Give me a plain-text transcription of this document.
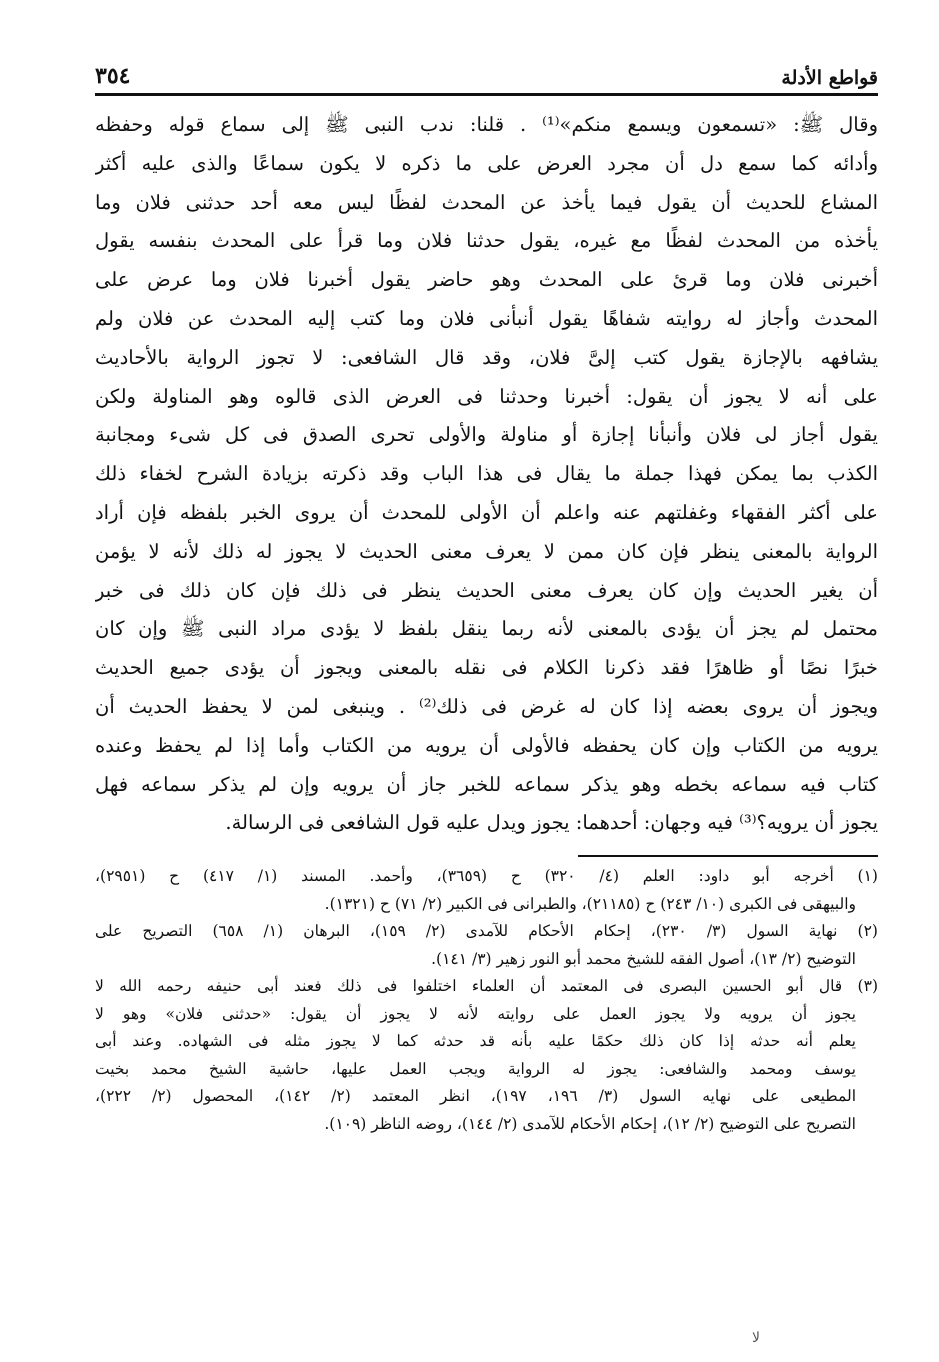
قواطع الأدلة
٣٥٤
وقال ﷺ: «تسمعون ويسمع منكم»⁽¹⁾ . قلنا: ندب النبى ﷺ إلى سماع قوله وحفظه
وأدائه كما سمع دل أن مجرد العرض على ما ذكره لا يكون سماعًا والذى عليه أكثر
المشاع للحديث أن يقول فيما يأخذ عن المحدث لفظًا ليس معه أحد حدثنى فلان وما
يأخذه من المحدث لفظًا مع غيره، يقول حدثنا فلان وما قرأ على المحدث بنفسه يقول
أخبرنى فلان وما قرئ على المحدث وهو حاضر يقول أخبرنا فلان وما عرض على
المحدث وأجاز له روايته شفاهًا يقول أنبأنى فلان وما كتب إليه المحدث عن فلان ولم
يشافهه بالإجازة يقول كتب إلىَّ فلان، وقد قال الشافعى: لا تجوز الرواية بالأحاديث
على أنه لا يجوز أن يقول: أخبرنا وحدثنا فى العرض الذى قالوه وهو المناولة ولكن
يقول أجاز لى فلان وأنبأنا إجازة أو مناولة والأولى تحرى الصدق فى كل شىء ومجانبة
الكذب بما يمكن فهذا جملة ما يقال فى هذا الباب وقد ذكرته بزيادة الشرح لخفاء ذلك
على أكثر الفقهاء وغفلتهم عنه واعلم أن الأولى للمحدث أن يروى الخبر بلفظه فإن أراد
الرواية بالمعنى ينظر فإن كان ممن لا يعرف معنى الحديث لا يجوز له ذلك لأنه لا يؤمن
أن يغير الحديث وإن كان يعرف معنى الحديث ينظر فى ذلك فإن كان ذلك فى خبر
محتمل لم يجز أن يؤدى بالمعنى لأنه ربما ينقل بلفظ لا يؤدى مراد النبى ﷺ وإن كان
خبرًا نصًا أو ظاهرًا فقد ذكرنا الكلام فى نقله بالمعنى ويجوز أن يؤدى جميع الحديث
ويجوز أن يروى بعضه إذا كان له غرض فى ذلك⁽²⁾ . وينبغى لمن لا يحفظ الحديث أن
يرويه من الكتاب وإن كان يحفظه فالأولى أن يرويه من الكتاب وأما إذا لم يحفظ وعنده
كتاب فيه سماعه بخطه وهو يذكر سماعه للخبر جاز أن يرويه وإن لم يذكر سماعه فهل
يجوز أن يرويه؟⁽³⁾ فيه وجهان: أحدهما: يجوز ويدل عليه قول الشافعى فى الرسالة.
(١) أخرجه أبو داود: العلم (٤/ ٣٢٠) ح (٣٦٥٩)، وأحمد. المسند (١/ ٤١٧) ح (٢٩٥١)،
والبيهقى فى الكبرى (١٠/ ٢٤٣) ح (٢١١٨٥)، والطبرانى فى الكبير (٢/ ٧١) ح (١٣٢١).
(٢) نهاية السول (٣/ ٢٣٠)، إحكام الأحكام للآمدى (٢/ ١٥٩)، البرهان (١/ ٦٥٨) التصريح على
التوضيح (٢/ ١٣)، أصول الفقه للشيخ محمد أبو النور زهير (٣/ ١٤١).
(٣) قال أبو الحسين البصرى فى المعتمد أن العلماء اختلفوا فى ذلك فعند أبى حنيفه رحمه الله لا
يجوز أن يرويه ولا يجوز العمل على روايته لأنه لا يجوز أن يقول: «حدثنى فلان» وهو لا
يعلم أنه حدثه إذا كان ذلك حكمًا عليه بأنه قد حدثه كما لا يجوز مثله فى الشهاده. وعند أبى
يوسف ومحمد والشافعى: يجوز له الرواية ويجب العمل عليها، حاشية الشيخ محمد بخيت
المطيعى على نهايه السول (٣/ ١٩٦، ١٩٧)، انظر المعتمد (٢/ ١٤٢)، المحصول (٢/ ٢٢٢)،
التصريح على التوضيح (٢/ ١٢)، إحكام الأحكام للآمدى (٢/ ١٤٤)، روضه الناظر (١٠٩).
لا
